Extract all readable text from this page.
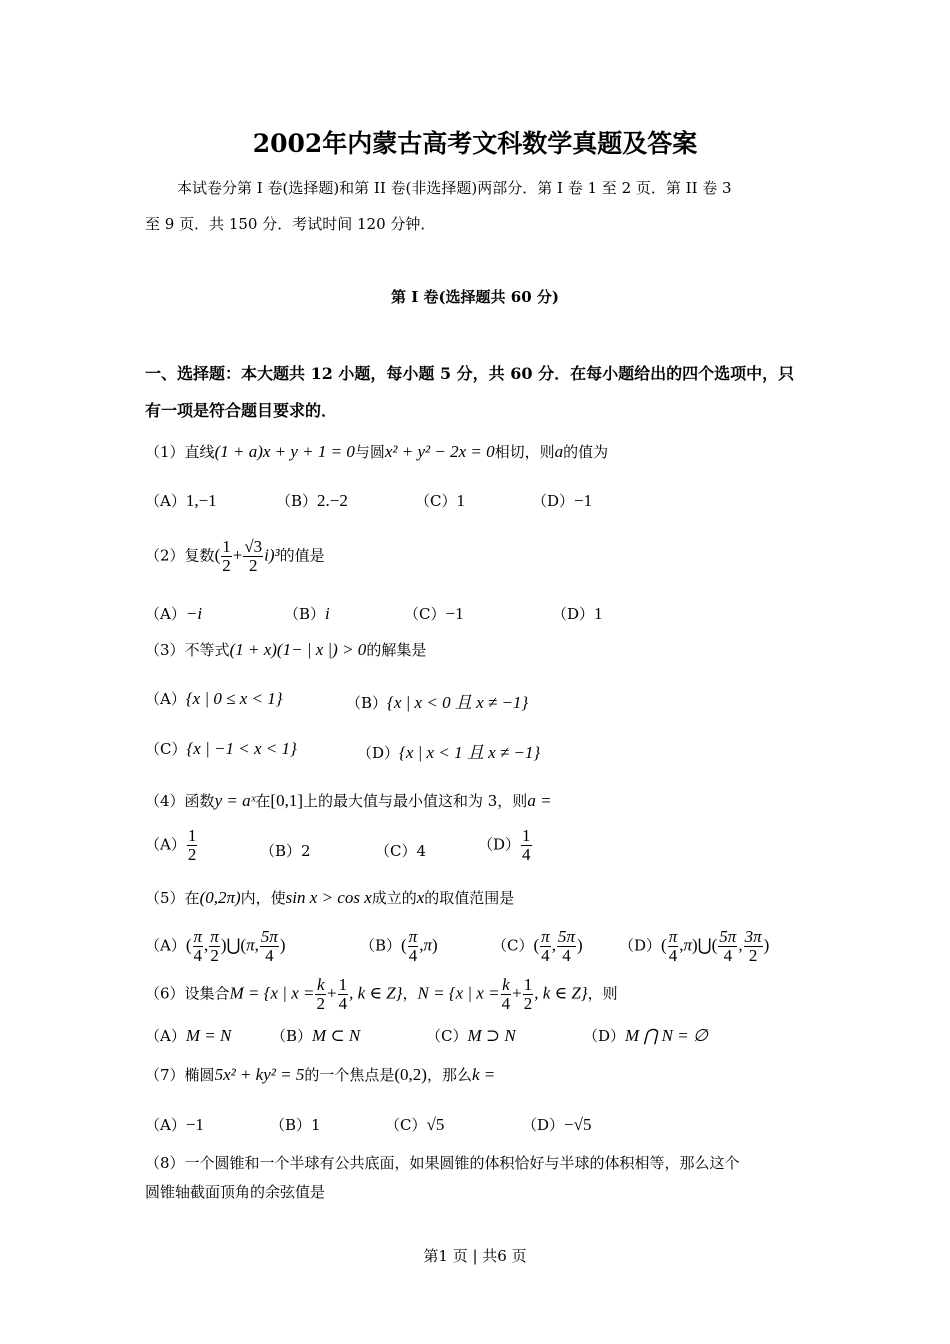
2002年内蒙古高考文科数学真题及答案
本试卷分第 I 卷(选择题)和第 II 卷(非选择题)两部分．第 I 卷 1 至 2 页．第 II 卷 3
至 9 页．共 150 分．考试时间 120 分钟．
第 I 卷(选择题共 60 分)
一、选择题：本大题共 12 小题，每小题 5 分，共 60 分．在每小题给出的四个选项中，只
有一项是符合题目要求的．
（1）直线(1 + a)x + y + 1 = 0与圆x² + y² − 2x = 0相切，则a的值为
（A）1,−1	（B）2.−2	（C）1	（D）−1
（2）复数( $\frac{1}{2} + \frac{√3}{2} i)^3$的值是
（A）−i	（B）i	（C）−1	（D）1
（3）不等式(1 + x)(1− | x |) > 0的解集是
（A）{x | 0 ≤ x < 1}	（B）{x | x < 0 且 x ≠ −1}
（C）{x | −1 < x < 1}	（D）{x | x < 1 且 x ≠ −1}
（4）函数y = aˣ在[0,1]上的最大值与最小值这和为 3，则a =
$(A) \frac{1}{2}$	（B）2	（C）4	$(D) \frac{1}{4}$
（5）在(0,2π)内，使sin x > cos x成立的x的取值范围是
$(A)( \frac{\pi}{4}$ , $\frac{\pi}{2}$ )⋃(π, $\frac{5\pi}{4}$ )	$(B)( \frac{\pi}{4} ,\pi)$	$(C)( \frac{\pi}{4}$ , $\frac{5\pi}{4}$ ) $(D)( \frac{\pi}{4}$ ,π)⋃( $\frac{5\pi}{4}$ , $\frac{3\pi}{2}$ )
（6）设集合M = {x | $x = \frac{k}{2} + \frac{1}{4}$ , k ∈ Z}，N = {x | $x = \frac{k}{4} + \frac{1}{2}$ , k ∈ Z}，则
（A）M = N	（B）M ⊂ N	（C）M ⊃ N	（D）M ⋂ N = ∅
（7）椭圆5x² + ky² = 5的一个焦点是(0,2)，那么k =
（A）−1	（B）1	（C）√5	（D）−√5
（8）一个圆锥和一个半球有公共底面，如果圆锥的体积恰好与半球的体积相等，那么这个
圆锥轴截面顶角的余弦值是
第1 页 | 共6 页
